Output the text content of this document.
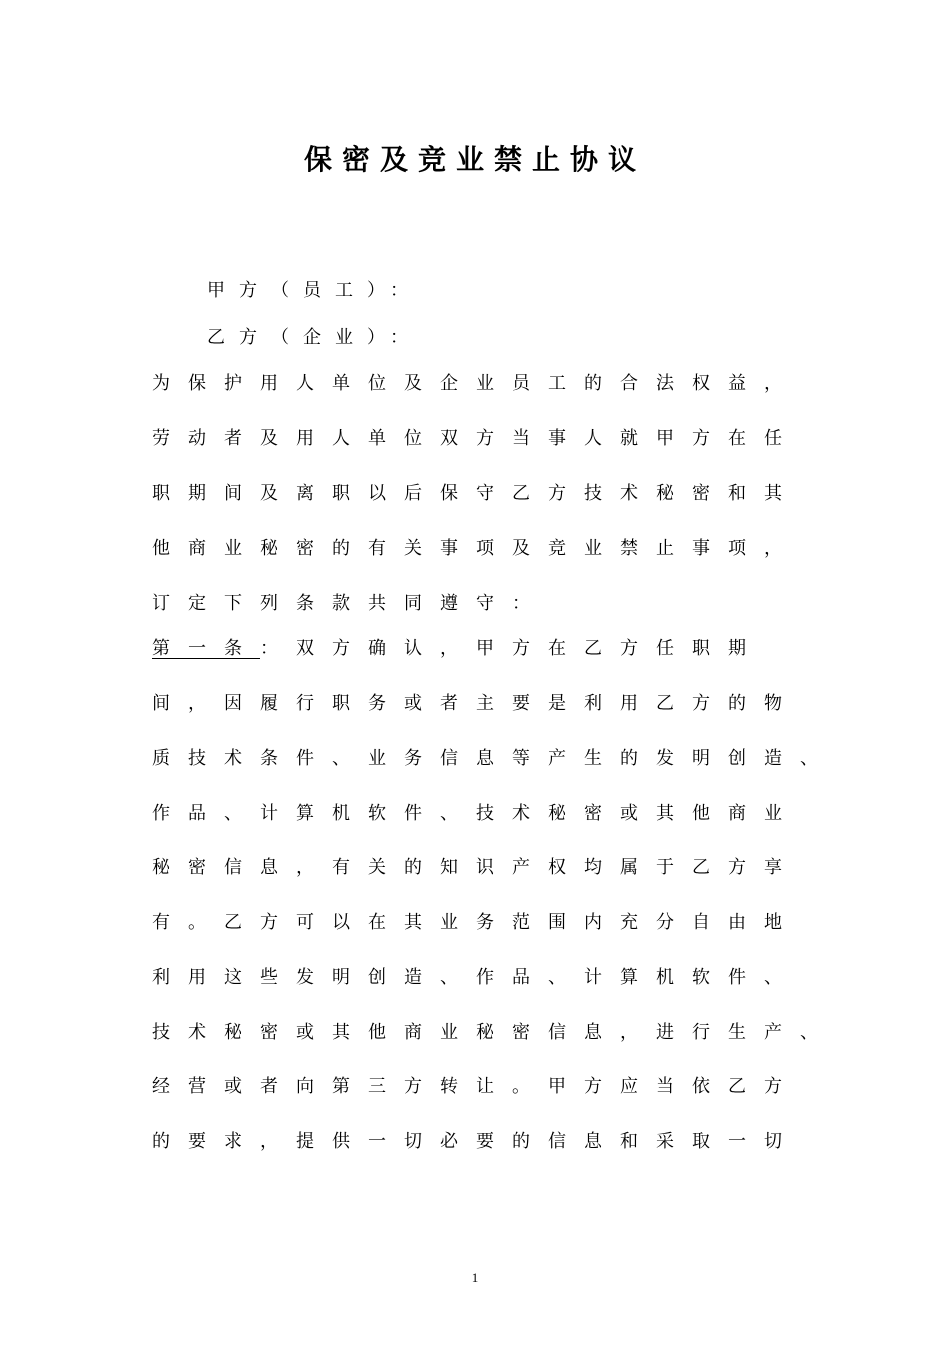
保密及竞业禁止协议
甲方（员工）：
乙方（企业）：
为保护用人单位及企业员工的合法权益，
劳动者及用人单位双方当事人就甲方在任
职期间及离职以后保守乙方技术秘密和其
他商业秘密的有关事项及竞业禁止事项，
订定下列条款共同遵守：
第一条：双方确认，甲方在乙方任职期
间，因履行职务或者主要是利用乙方的物
质技术条件、业务信息等产生的发明创造、
作品、计算机软件、技术秘密或其他商业
秘密信息，有关的知识产权均属于乙方享
有。乙方可以在其业务范围内充分自由地
利用这些发明创造、作品、计算机软件、
技术秘密或其他商业秘密信息，进行生产、
经营或者向第三方转让。甲方应当依乙方
的要求，提供一切必要的信息和采取一切
1
